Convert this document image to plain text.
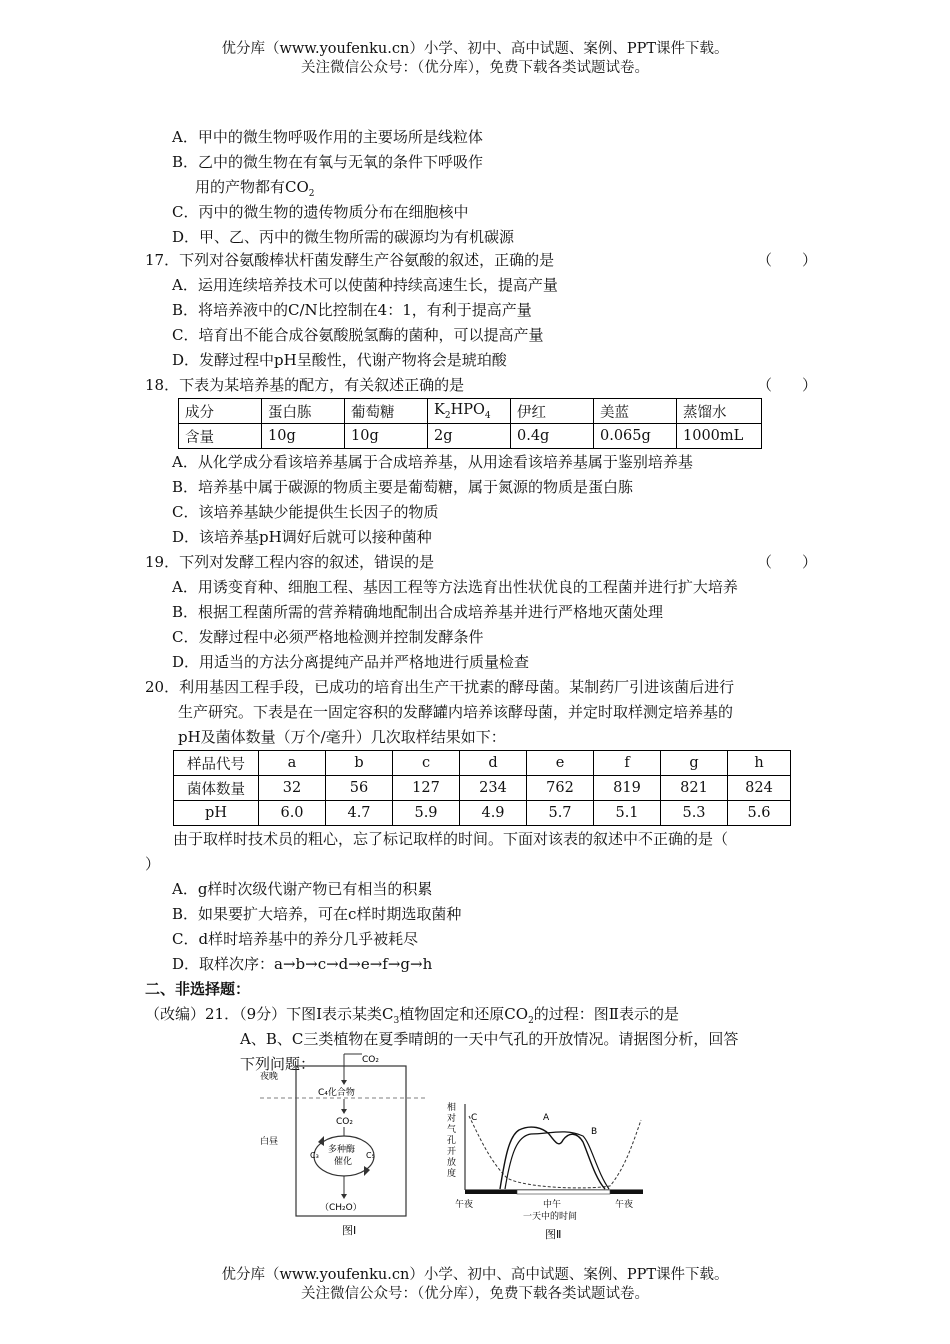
优分库（www.youfenku.cn）小学、初中、高中试题、案例、PPT课件下载。
关注微信公众号：（优分库），免费下载各类试题试卷。
A．甲中的微生物呼吸作用的主要场所是线粒体
B．乙中的微生物在有氧与无氧的条件下呼吸作
用的产物都有$CO_2$
C．丙中的微生物的遗传物质分布在细胞核中
D．甲、乙、丙中的微生物所需的碳源均为有机碳源
17．下列对谷氨酸棒状杆菌发酵生产谷氨酸的叙述，正确的是	（　　）
A．运用连续培养技术可以使菌种持续高速生长，提高产量
B．将培养液中的C/N比控制在4：1，有利于提高产量
C．培育出不能合成谷氨酸脱氢酶的菌种，可以提高产量
D．发酵过程中pH呈酸性，代谢产物将会是琥珀酸
18．下表为某培养基的配方，有关叙述正确的是	（　　）
成分	蛋白胨	葡萄糖	$K_2HPO_4$	伊红	美蓝	蒸馏水
含量	10g	10g	2g	0.4g	0.065g	1000mL
A．从化学成分看该培养基属于合成培养基，从用途看该培养基属于鉴别培养基
B．培养基中属于碳源的物质主要是葡萄糖，属于氮源的物质是蛋白胨
C．该培养基缺少能提供生长因子的物质
D．该培养基pH调好后就可以接种菌种
19．下列对发酵工程内容的叙述，错误的是	（　　）
A．用诱变育种、细胞工程、基因工程等方法选育出性状优良的工程菌并进行扩大培养
B．根据工程菌所需的营养精确地配制出合成培养基并进行严格地灭菌处理
C．发酵过程中必须严格地检测并控制发酵条件
D．用适当的方法分离提纯产品并严格地进行质量检查
20．利用基因工程手段，已成功的培育出生产干扰素的酵母菌。某制药厂引进该菌后进行
生产研究。下表是在一固定容积的发酵罐内培养该酵母菌，并定时取样测定培养基的
pH及菌体数量（万个/毫升）几次取样结果如下：
样品代号	a	b	c	d	e	f	g	h
菌体数量	32	56	127	234	762	819	821	824
pH	6.0	4.7	5.9	4.9	5.7	5.1	5.3	5.6
由于取样时技术员的粗心，忘了标记取样的时间。下面对该表的叙述中不正确的是（
）
A．g样时次级代谢产物已有相当的积累
B．如果要扩大培养，可在c样时期选取菌种
C．d样时培养基中的养分几乎被耗尽
D．取样次序：a→b→c→d→e→f→g→h
二、非选择题：
（改编）21．（9分）下图Ⅰ表示某类$C_3$植物固定和还原$CO_2$的过程：图Ⅱ表示的是
A、B、C三类植物在夏季晴朗的一天中气孔的开放情况。请据图分析，回答
下列问题：	CO₂
夜晚
C₄化合物
CO₂
多种酶
催化
C₃	C₅
白昼
（CH₂O）
图Ⅰ
相
对
气
孔
开
放
度
C	A
B
午夜	中午	午夜
一天中的时间
图Ⅱ
优分库（www.youfenku.cn）小学、初中、高中试题、案例、PPT课件下载。
关注微信公众号：（优分库），免费下载各类试题试卷。
